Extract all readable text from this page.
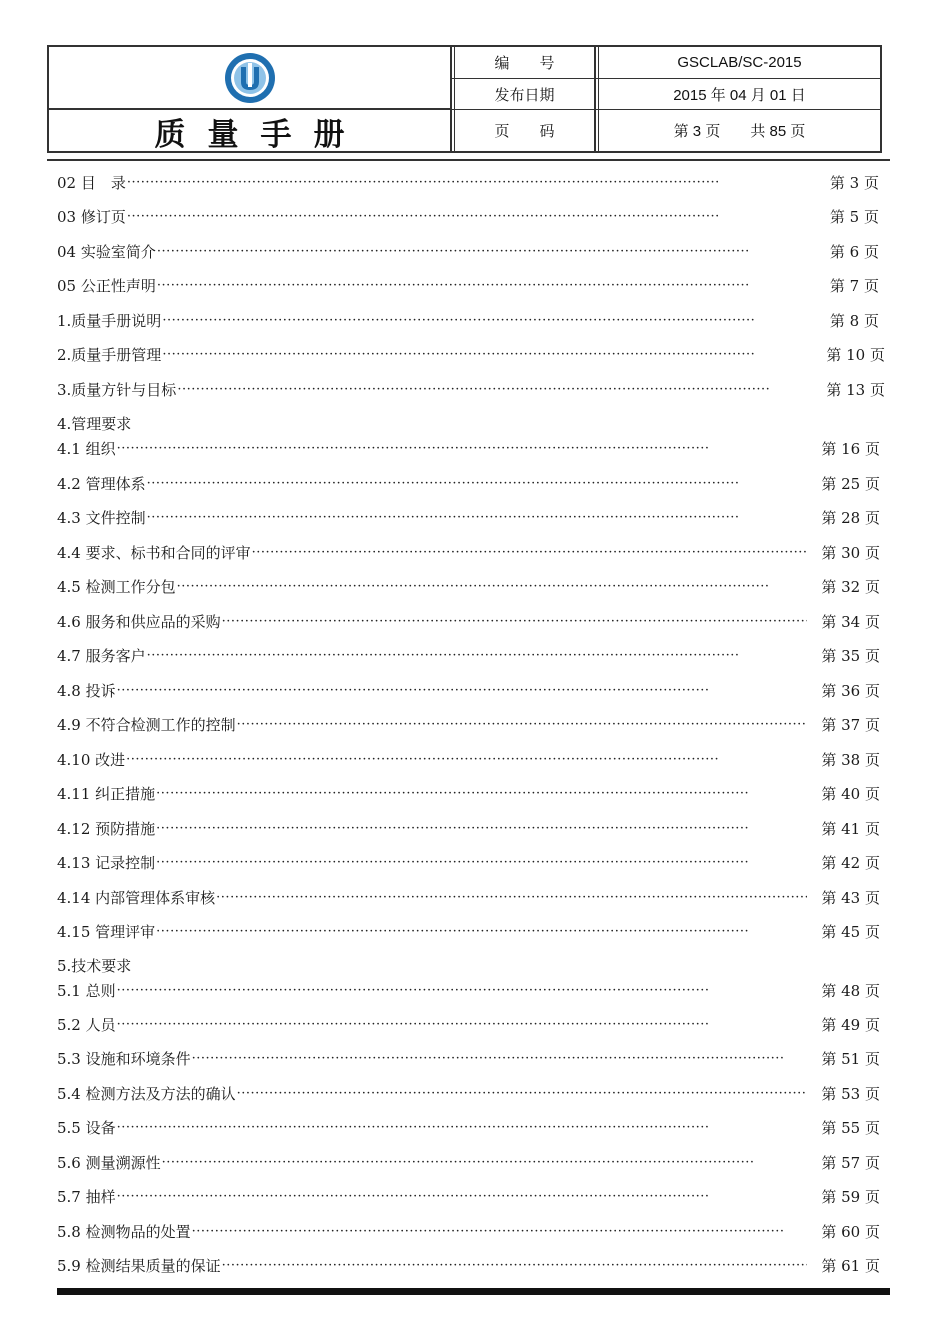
质量手册
编　　号	GSCLAB/SC-2015
发布日期	2015 年 04 月 01 日
页　　码	第 3 页　　共 85 页
02 目　录 ·····	第 3 页
03 修订页 ·····	第 5 页
04 实验室简介 ·····	第 6 页
05 公正性声明 ·····	第 7 页
1.质量手册说明 ·····	第 8 页
2.质量手册管理 ·····	第 10 页
3.质量方针与目标 ·····	第 13 页
4.管理要求
4.1 组织 ·····	第 16 页
4.2 管理体系 ·····	第 25 页
4.3 文件控制 ·····	第 28 页
4.4 要求、标书和合同的评审 ·····	第 30 页
4.5 检测工作分包 ·····	第 32 页
4.6 服务和供应品的采购 ·····	第 34 页
4.7 服务客户 ·····	第 35 页
4.8 投诉 ·····	第 36 页
4.9 不符合检测工作的控制 ·····	第 37 页
4.10 改进 ·····	第 38 页
4.11 纠正措施 ·····	第 40 页
4.12 预防措施 ·····	第 41 页
4.13 记录控制 ·····	第 42 页
4.14 内部管理体系审核 ·····	第 43 页
4.15 管理评审 ·····	第 45 页
5.技术要求
5.1 总则 ·····	第 48 页
5.2 人员 ·····	第 49 页
5.3 设施和环境条件 ·····	第 51 页
5.4 检测方法及方法的确认 ·····	第 53 页
5.5 设备 ·····	第 55 页
5.6 测量溯源性 ·····	第 57 页
5.7 抽样 ·····	第 59 页
5.8 检测物品的处置 ·····	第 60 页
5.9 检测结果质量的保证 ·····	第 61 页
